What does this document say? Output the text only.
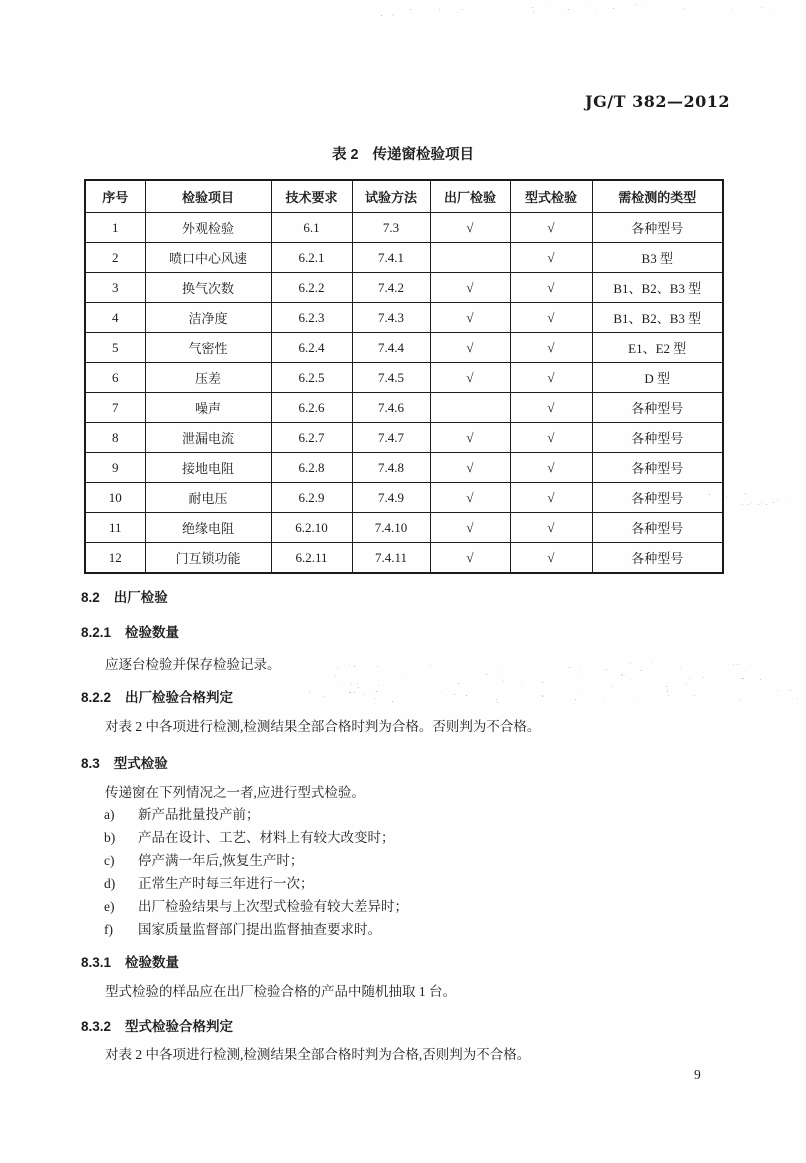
JG/T 382—2012
表 2 传递窗检验项目
序号	检验项目	技术要求	试验方法	出厂检验	型式检验	需检测的类型
1	外观检验	6.1	7.3	√	√	各种型号
2	喷口中心风速	6.2.1	7.4.1		√	B3 型
3	换气次数	6.2.2	7.4.2	√	√	B1、B2、B3 型
4	洁净度	6.2.3	7.4.3	√	√	B1、B2、B3 型
5	气密性	6.2.4	7.4.4	√	√	E1、E2 型
6	压差	6.2.5	7.4.5	√	√	D 型
7	噪声	6.2.6	7.4.6		√	各种型号
8	泄漏电流	6.2.7	7.4.7	√	√	各种型号
9	接地电阻	6.2.8	7.4.8	√	√	各种型号
10	耐电压	6.2.9	7.4.9	√	√	各种型号
11	绝缘电阻	6.2.10	7.4.10	√	√	各种型号
12	门互锁功能	6.2.11	7.4.11	√	√	各种型号
8.2 出厂检验
8.2.1 检验数量
应逐台检验并保存检验记录。
8.2.2 出厂检验合格判定
对表 2 中各项进行检测,检测结果全部合格时判为合格。否则判为不合格。
8.3 型式检验
传递窗在下列情况之一者,应进行型式检验。
a)	新产品批量投产前；
b)	产品在设计、工艺、材料上有较大改变时；
c)	停产满一年后,恢复生产时；
d)	正常生产时每三年进行一次；
e)	出厂检验结果与上次型式检验有较大差异时；
f)	国家质量监督部门提出监督抽查要求时。
8.3.1 检验数量
型式检验的样品应在出厂检验合格的产品中随机抽取 1 台。
8.3.2 型式检验合格判定
对表 2 中各项进行检测,检测结果全部合格时判为合格,否则判为不合格。
9
